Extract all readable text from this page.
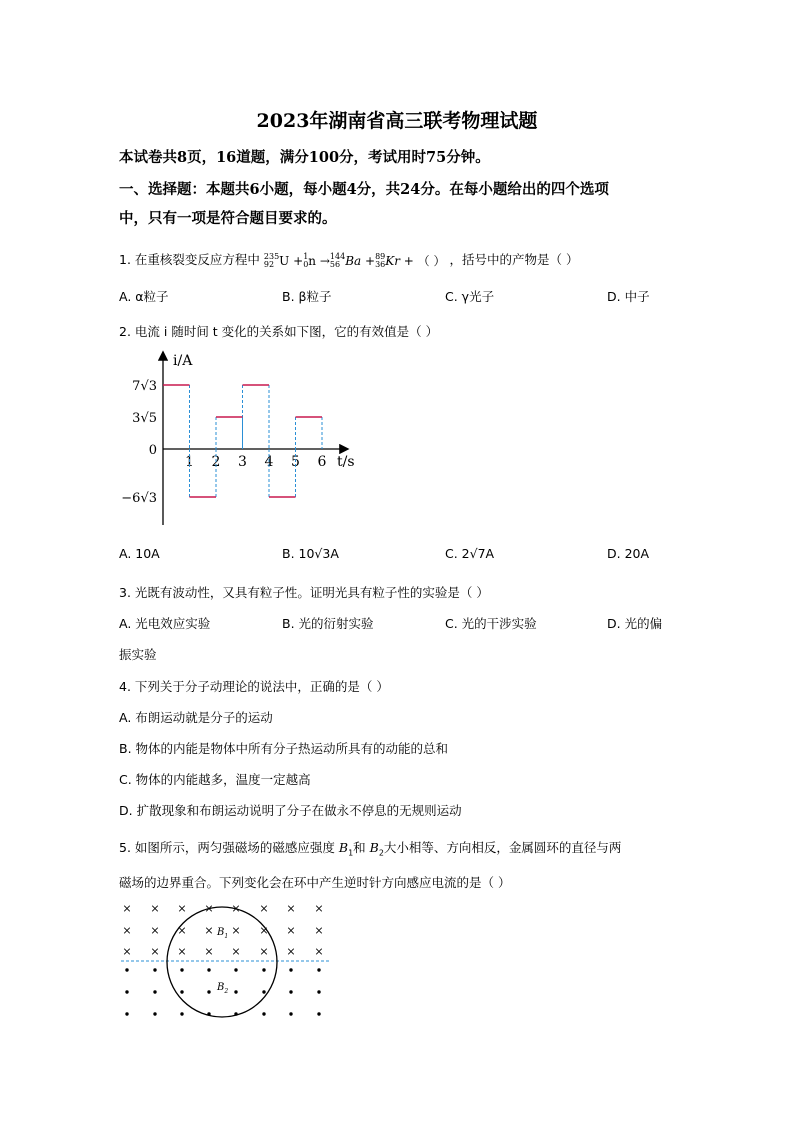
2023年湖南省高三联考物理试题
本试卷共8页，16道题，满分100分，考试用时75分钟。
一、选择题：本题共6小题，每小题4分，共24分。在每小题给出的四个选项
中，只有一项是符合题目要求的。
1. 在重核裂变反应方程中 235
92 U + 1
0 n → 144
56 Ba + 89
36 Kr + （ ） ，括号中的产物是（ ）
A. α粒子	B. β粒子	C. γ光子	D. 中子
2. 电流 i 随时间 t 变化的关系如下图，它的有效值是（ ）
i/A
t/s
7√3
3√5
0
−6√3
1 2 3 4 5 6
A. 10A	B. 10√3A	C. 2√7A	D. 20A
3. 光既有波动性，又具有粒子性。证明光具有粒子性的实验是（ ）
A. 光电效应实验	B. 光的衍射实验	C. 光的干涉实验	D. 光的偏
振实验
4. 下列关于分子动理论的说法中，正确的是（ ）
A. 布朗运动就是分子的运动
B. 物体的内能是物体中所有分子热运动所具有的动能的总和
C. 物体的内能越多，温度一定越高
D. 扩散现象和布朗运动说明了分子在做永不停息的无规则运动
5. 如图所示，两匀强磁场的磁感应强度 $B_1$和 $B_2$大小相等、方向相反，金属圆环的直径与两
磁场的边界重合。下列变化会在环中产生逆时针方向感应电流的是（ ）
× × × × × × × ×
× × × × × × × ×
× × × × × × × ×
$B_1$
$B_2$
